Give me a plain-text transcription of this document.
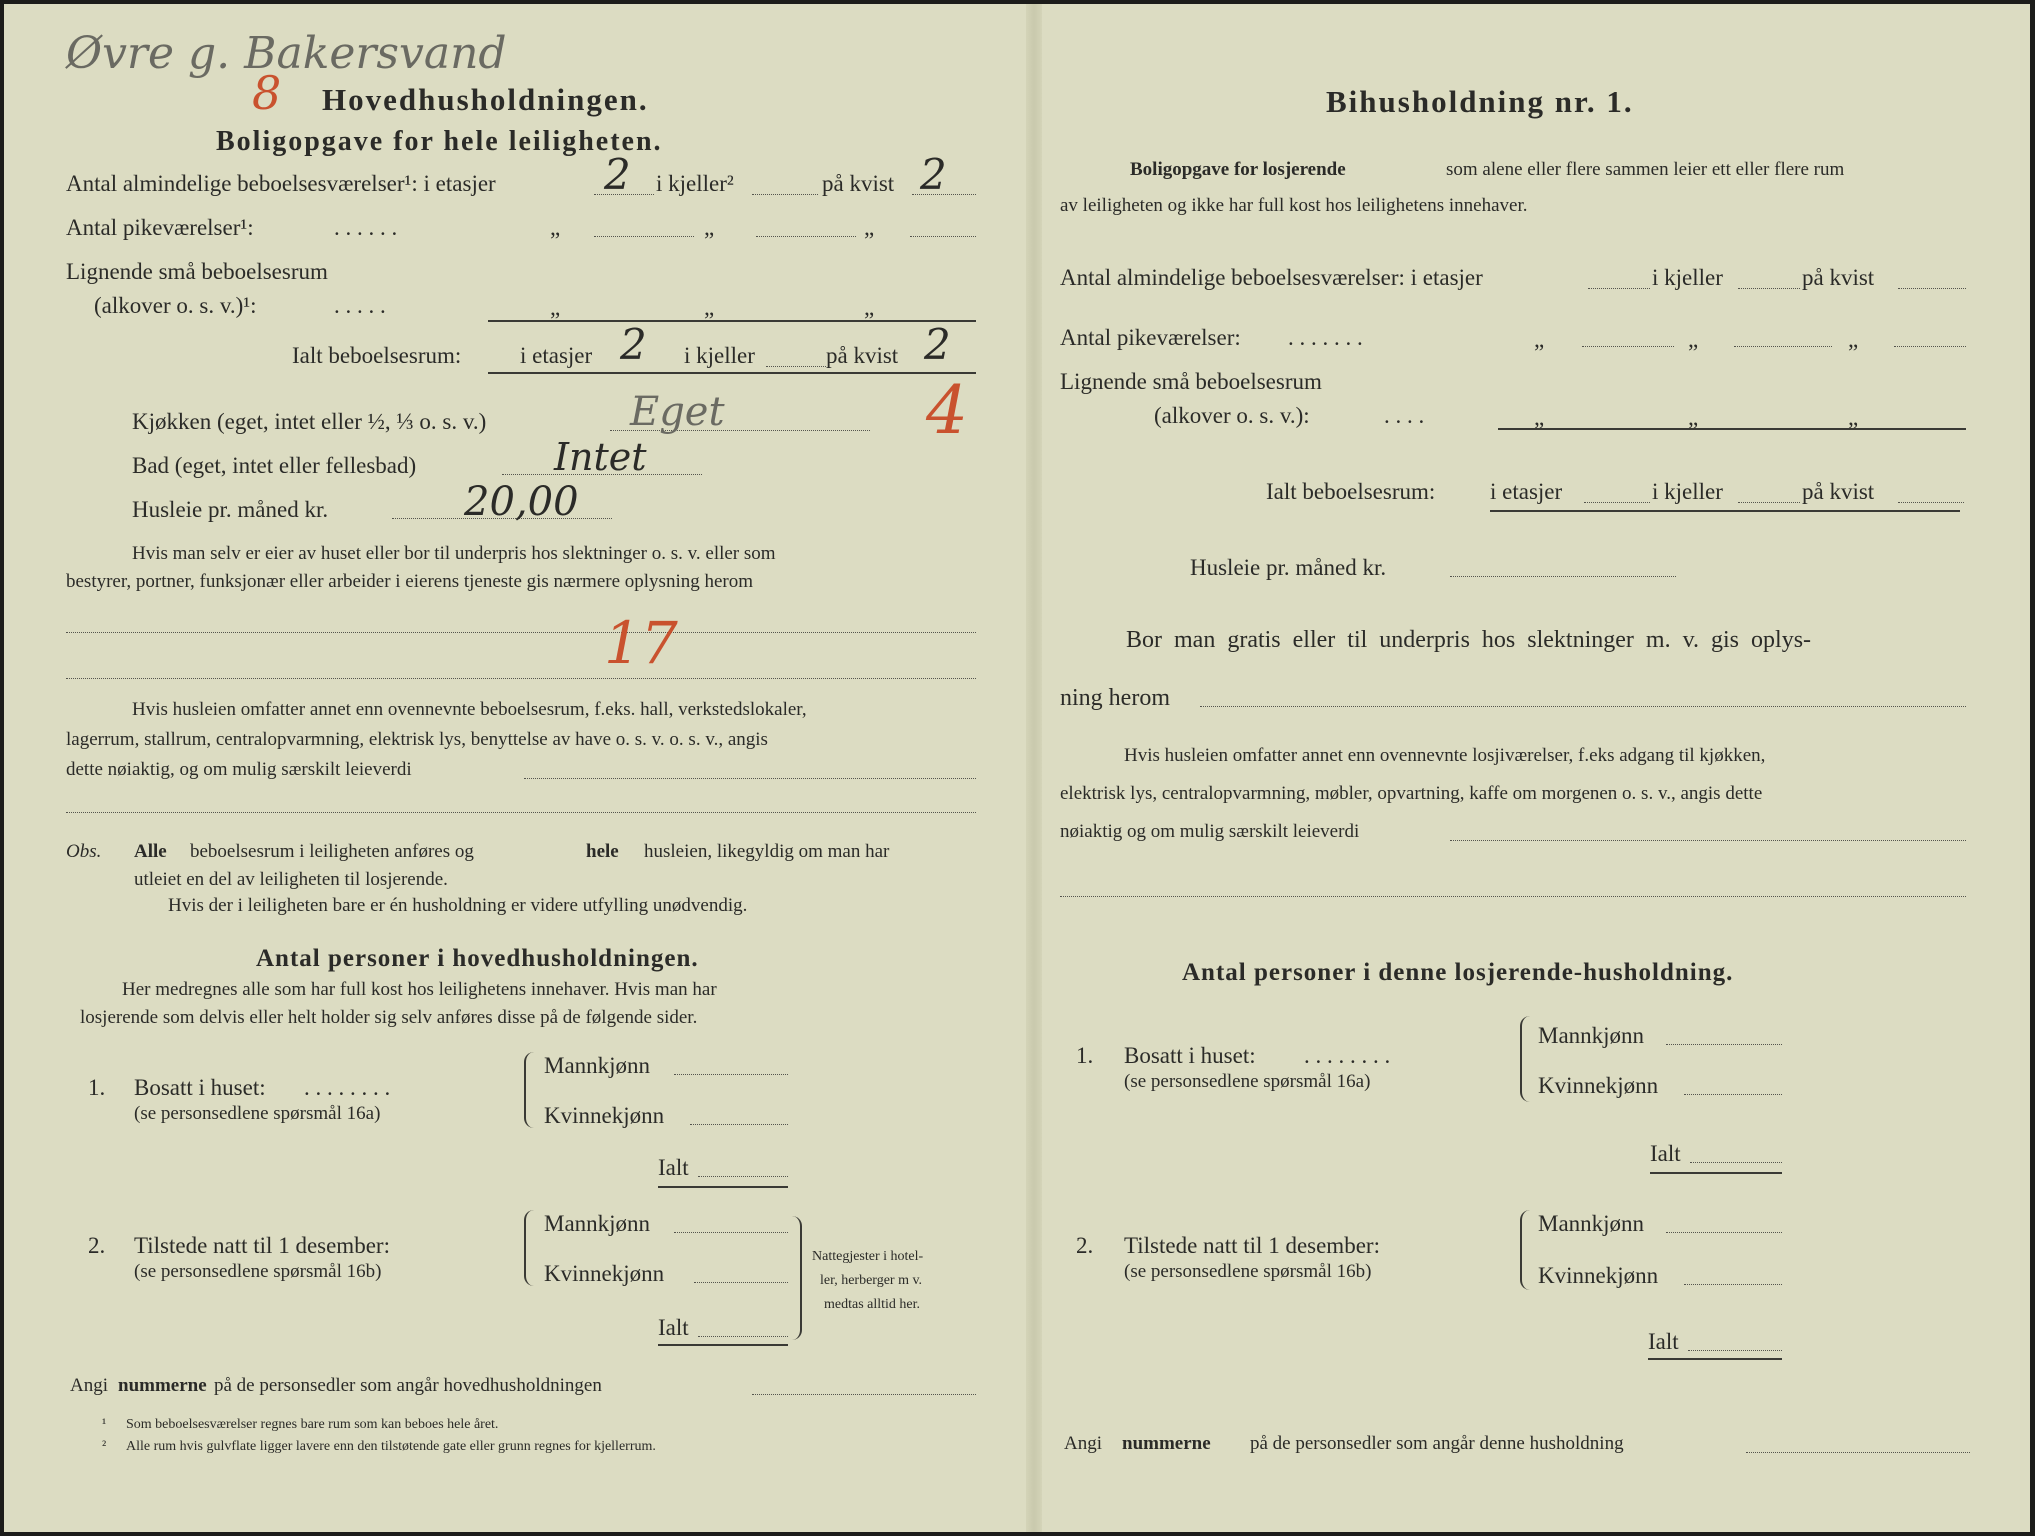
Øvre g. Bakersvand
8 Hovedhusholdningen.
Boligopgave for hele leiligheten.
Antal almindelige beboelsesværelser¹: i etasjer	2 i kjeller²	på kvist 2
Antal pikeværelser¹:	. . . . . .	„	„	„
Lignende små beboelsesrum
(alkover o. s. v.)¹:	. . . . .	„	„	„
Ialt beboelsesrum:	i etasjer 2 i kjeller	på kvist 2
Kjøkken (eget, intet eller ½, ⅓ o. s. v.)	Eget	4
Bad (eget, intet eller fellesbad)	Intet
Husleie pr. måned kr.	20,00
Hvis man selv er eier av huset eller bor til underpris hos slektninger o. s. v. eller som
bestyrer, portner, funksjonær eller arbeider i eierens tjeneste gis nærmere oplysning herom
17
Hvis husleien omfatter annet enn ovennevnte beboelsesrum, f.eks. hall, verkstedslokaler,
lagerrum, stallrum, centralopvarmning, elektrisk lys, benyttelse av have o. s. v. o. s. v., angis
dette nøiaktig, og om mulig særskilt leieverdi
Obs. Alle beboelsesrum i leiligheten anføres og	hele husleien, likegyldig om man har
utleiet en del av leiligheten til losjerende.
Hvis der i leiligheten bare er én husholdning er videre utfylling unødvendig.
Antal personer i hovedhusholdningen.
Her medregnes alle som har full kost hos leilighetens innehaver. Hvis man har
losjerende som delvis eller helt holder sig selv anføres disse på de følgende sider.
1. Bosatt i huset: . . . . . . . .
(se personsedlene spørsmål 16a)
Mannkjønn
Kvinnekjønn
Ialt
2. Tilstede natt til 1 desember:
(se personsedlene spørsmål 16b)
Mannkjønn
Kvinnekjønn
Ialt
Nattegjester i hotel-
ler, herberger m v.
medtas alltid her.
Angi nummerne på de personsedler som angår hovedhusholdningen
¹ Som beboelsesværelser regnes bare rum som kan beboes hele året.
² Alle rum hvis gulvflate ligger lavere enn den tilstøtende gate eller grunn regnes for kjellerrum.
Bihusholdning nr. 1.
Boligopgave for losjerende	som alene eller flere sammen leier ett eller flere rum
av leiligheten og ikke har full kost hos leilighetens innehaver.
Antal almindelige beboelsesværelser: i etasjer	i kjeller	på kvist
Antal pikeværelser: . . . . . . .	„	„	„
Lignende små beboelsesrum
(alkover o. s. v.):	. . . .	„	„	„
Ialt beboelsesrum: i etasjer	i kjeller	på kvist
Husleie pr. måned kr.
Bor man gratis eller til underpris hos slektninger m. v. gis oplys-
ning herom
Hvis husleien omfatter annet enn ovennevnte losjiværelser, f.eks adgang til kjøkken,
elektrisk lys, centralopvarmning, møbler, opvartning, kaffe om morgenen o. s. v., angis dette
nøiaktig og om mulig særskilt leieverdi
Antal personer i denne losjerende-husholdning.
1. Bosatt i huset: . . . . . . . .
(se personsedlene spørsmål 16a)
Mannkjønn
Kvinnekjønn
Ialt
2. Tilstede natt til 1 desember:
(se personsedlene spørsmål 16b)
Mannkjønn
Kvinnekjønn
Ialt
Angi nummerne på de personsedler som angår denne husholdning
